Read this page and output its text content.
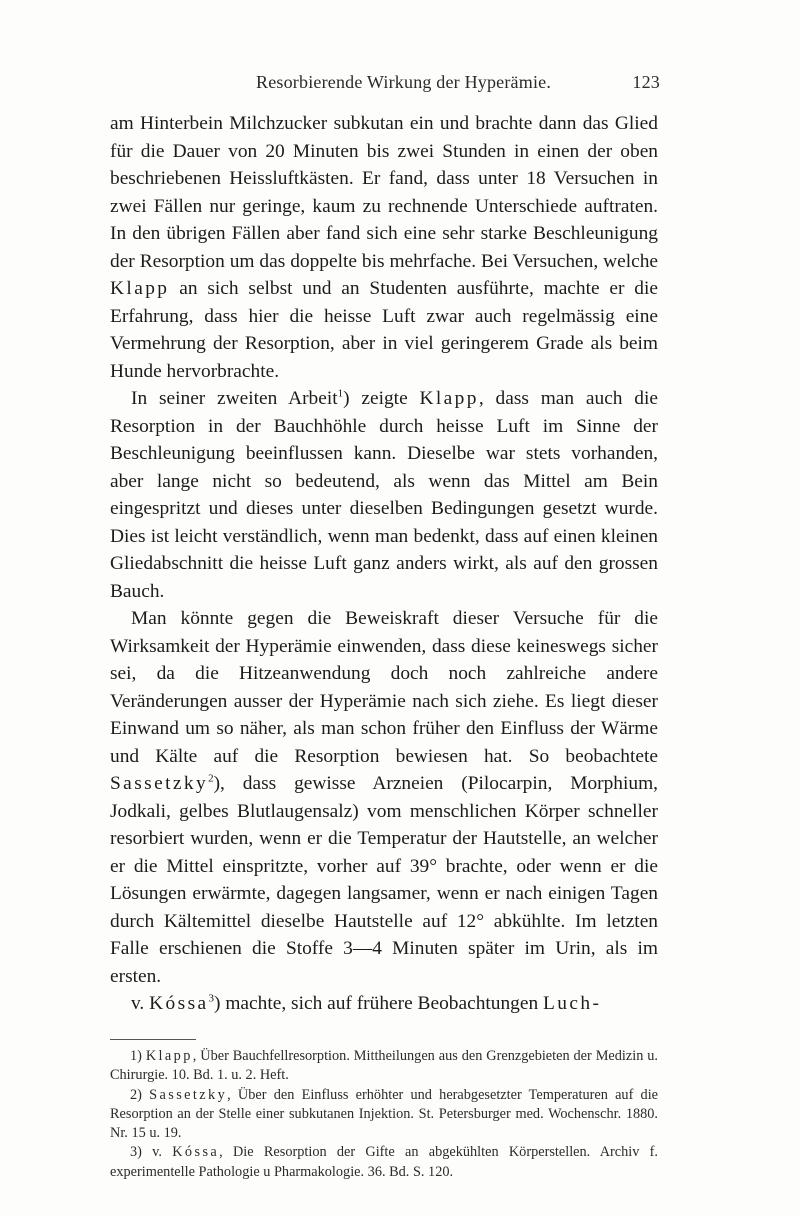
Resorbierende Wirkung der Hyperämie.	123

am Hinterbein Milchzucker subkutan ein und brachte dann das Glied für die Dauer von 20 Minuten bis zwei Stunden in einen der oben beschriebenen Heissluftkästen. Er fand, dass unter 18 Versuchen in zwei Fällen nur geringe, kaum zu rechnende Unterschiede auftraten. In den übrigen Fällen aber fand sich eine sehr starke Beschleunigung der Resorption um das doppelte bis mehrfache. Bei Versuchen, welche Klapp an sich selbst und an Studenten ausführte, machte er die Erfahrung, dass hier die heisse Luft zwar auch regelmässig eine Vermehrung der Resorption, aber in viel geringerem Grade als beim Hunde hervorbrachte.

In seiner zweiten Arbeit$^1$) zeigte Klapp, dass man auch die Resorption in der Bauchhöhle durch heisse Luft im Sinne der Beschleunigung beeinflussen kann. Dieselbe war stets vorhanden, aber lange nicht so bedeutend, als wenn das Mittel am Bein eingespritzt und dieses unter dieselben Bedingungen gesetzt wurde. Dies ist leicht verständlich, wenn man bedenkt, dass auf einen kleinen Gliedabschnitt die heisse Luft ganz anders wirkt, als auf den grossen Bauch.

Man könnte gegen die Beweiskraft dieser Versuche für die Wirksamkeit der Hyperämie einwenden, dass diese keineswegs sicher sei, da die Hitzeanwendung doch noch zahlreiche andere Veränderungen ausser der Hyperämie nach sich ziehe. Es liegt dieser Einwand um so näher, als man schon früher den Einfluss der Wärme und Kälte auf die Resorption bewiesen hat. So beobachtete Sassetzky$^2$), dass gewisse Arzneien (Pilocarpin, Morphium, Jodkali, gelbes Blutlaugensalz) vom menschlichen Körper schneller resorbiert wurden, wenn er die Temperatur der Hautstelle, an welcher er die Mittel einspritzte, vorher auf 39° brachte, oder wenn er die Lösungen erwärmte, dagegen langsamer, wenn er nach einigen Tagen durch Kältemittel dieselbe Hautstelle auf 12° abkühlte. Im letzten Falle erschienen die Stoffe 3—4 Minuten später im Urin, als im ersten.

v. Kóssa$^3$) machte, sich auf frühere Beobachtungen Luch-

1) Klapp, Über Bauchfellresorption. Mittheilungen aus den Grenzgebieten der Medizin u. Chirurgie. 10. Bd. 1. u. 2. Heft.

2) Sassetzky, Über den Einfluss erhöhter und herabgesetzter Temperaturen auf die Resorption an der Stelle einer subkutanen Injektion. St. Petersburger med. Wochenschr. 1880. Nr. 15 u. 19.

3) v. Kóssa, Die Resorption der Gifte an abgekühlten Körperstellen. Archiv f. experimentelle Pathologie u Pharmakologie. 36. Bd. S. 120.
